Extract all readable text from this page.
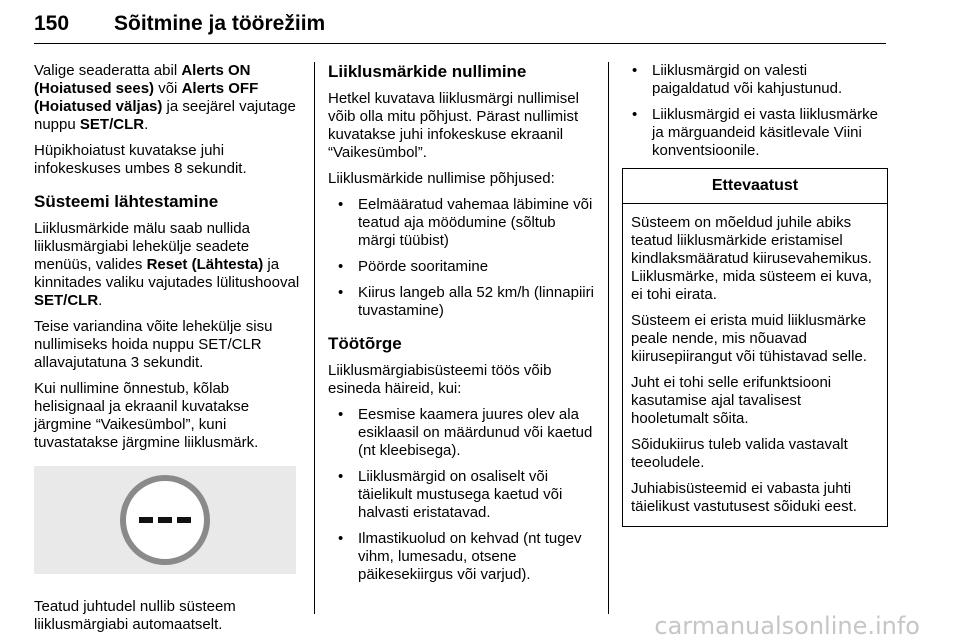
150	Sõitmine ja töörežiim

Valige seaderatta abil Alerts ON (Hoiatused sees) või Alerts OFF (Hoiatused väljas) ja seejärel vajutage nuppu SET/CLR.

Hüpikhoiatust kuvatakse juhi infokeskuses umbes 8 sekundit.

Süsteemi lähtestamine

Liiklusmärkide mälu saab nullida liiklusmärgiabi lehekülje seadete menüüs, valides Reset (Lähtesta) ja kinnitades valiku vajutades lülitushooval SET/CLR.

Teise variandina võite lehekülje sisu nullimiseks hoida nuppu SET/CLR allavajutatuna 3 sekundit.

Kui nullimine õnnestub, kõlab helisignaal ja ekraanil kuvatakse järgmine “Vaikesümbol”, kuni tuvastatakse järgmine liiklusmärk.

Teatud juhtudel nullib süsteem liiklusmärgiabi automaatselt.

Liiklusmärkide nullimine

Hetkel kuvatava liiklusmärgi nullimisel võib olla mitu põhjust. Pärast nullimist kuvatakse juhi infokeskuse ekraanil “Vaikesümbol”.

Liiklusmärkide nullimise põhjused:

• Eelmääratud vahemaa läbimine või teatud aja möödumine (sõltub märgi tüübist)
• Pöörde sooritamine
• Kiirus langeb alla 52 km/h (linnapiiri tuvastamine)
Töötõrge

Liiklusmärgiabisüsteemi töös võib esineda häireid, kui:

• Eesmise kaamera juures olev ala esiklaasil on määrdunud või kaetud (nt kleebisega).
• Liiklusmärgid on osaliselt või täielikult mustusega kaetud või halvasti eristatavad.
• Ilmastikuolud on kehvad (nt tugev vihm, lumesadu, otsene päikesekiirgus või varjud).
• Liiklusmärgid on valesti paigaldatud või kahjustunud.
• Liiklusmärgid ei vasta liiklusmärke ja märguandeid käsitlevale Viini konventsioonile.
Ettevaatust

Süsteem on mõeldud juhile abiks teatud liiklusmärkide eristamisel kindlaksmääratud kiirusevahemikus. Liiklusmärke, mida süsteem ei kuva, ei tohi eirata.

Süsteem ei erista muid liiklusmärke peale nende, mis nõuavad kiirusepiirangut või tühistavad selle.

Juht ei tohi selle erifunktsiooni kasutamise ajal tavalisest hooletumalt sõita.

Sõidukiirus tuleb valida vastavalt teeoludele.

Juhiabisüsteemid ei vabasta juhti täielikust vastutusest sõiduki eest.

carmanualsonline.info
